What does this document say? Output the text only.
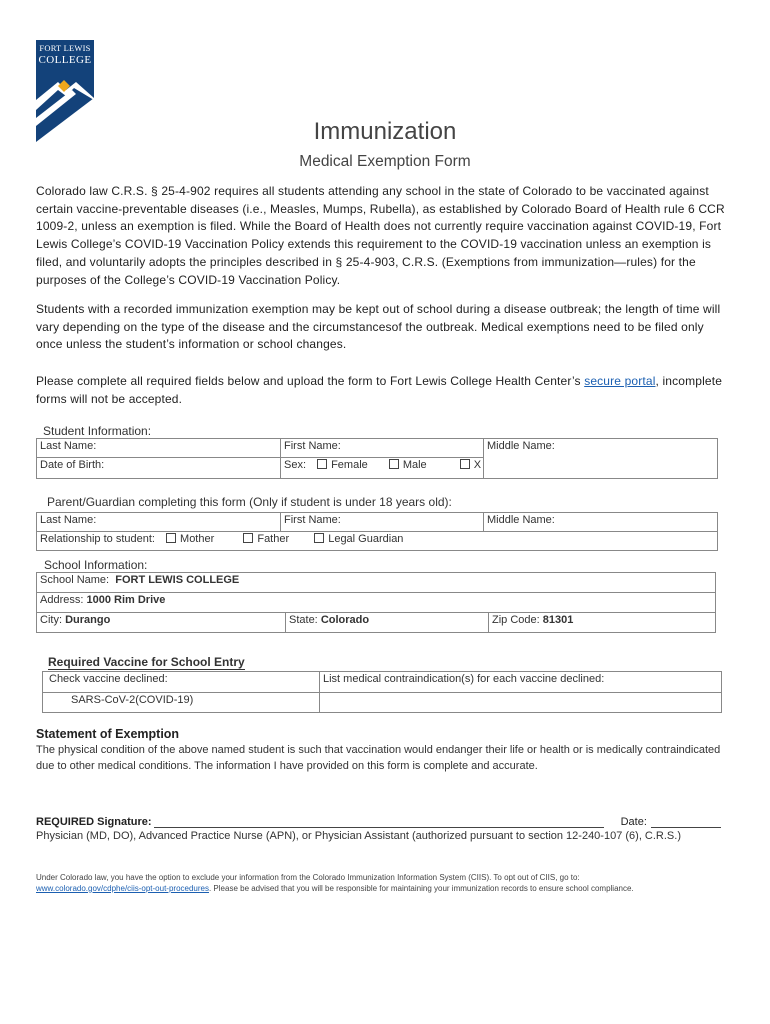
FORT LEWIS
COLLEGE
Immunization
Medical Exemption Form

Colorado law C.R.S. § 25-4-902 requires all students attending any school in the state of Colorado to be vaccinated against certain vaccine-preventable diseases (i.e., Measles, Mumps, Rubella), as established by Colorado Board of Health rule 6 CCR 1009-2, unless an exemption is filed. While the Board of Health does not currently require vaccination against COVID-19, Fort Lewis College’s COVID-19 Vaccination Policy extends this requirement to the COVID-19 vaccination unless an exemption is filed, and voluntarily adopts the principles described in § 25-4-903, C.R.S. (Exemptions from immunization—rules) for the purposes of the College’s COVID-19 Vaccination Policy.

Students with a recorded immunization exemption may be kept out of school during a disease outbreak; the length of time will vary depending on the type of the disease and the circumstancesof the outbreak. Medical exemptions need to be filed only once unless the student’s information or school changes.

Please complete all required fields below and upload the form to Fort Lewis College Health Center’s secure portal, incomplete forms will not be accepted.

Student Information:
Last Name:	First Name:	Middle Name:
Date of Birth:	Sex: Female Male X	
Parent/Guardian completing this form (Only if student is under 18 years old):
Last Name:	First Name:	Middle Name:
Relationship to student: Mother	Father	Legal Guardian
School Information:
School Name: FORT LEWIS COLLEGE
Address: 1000 Rim Drive
City: Durango	State: Colorado	Zip Code: 81301
Required Vaccine for School Entry
Check vaccine declined:	List medical contraindication(s) for each vaccine declined:
SARS-CoV-2(COVID-19)	
Statement of Exemption

The physical condition of the above named student is such that vaccination would endanger their life or health or is medically contraindicated due to other medical conditions. The information I have provided on this form is complete and accurate.

REQUIRED Signature:	Date:
Physician (MD, DO), Advanced Practice Nurse (APN), or Physician Assistant (authorized pursuant to section 12-240-107 (6), C.R.S.)

Under Colorado law, you have the option to exclude your information from the Colorado Immunization Information System (CIIS). To opt out of CIIS, go to: www.colorado.gov/cdphe/ciis-opt-out-procedures. Please be advised that you will be responsible for maintaining your immunization records to ensure school compliance.
